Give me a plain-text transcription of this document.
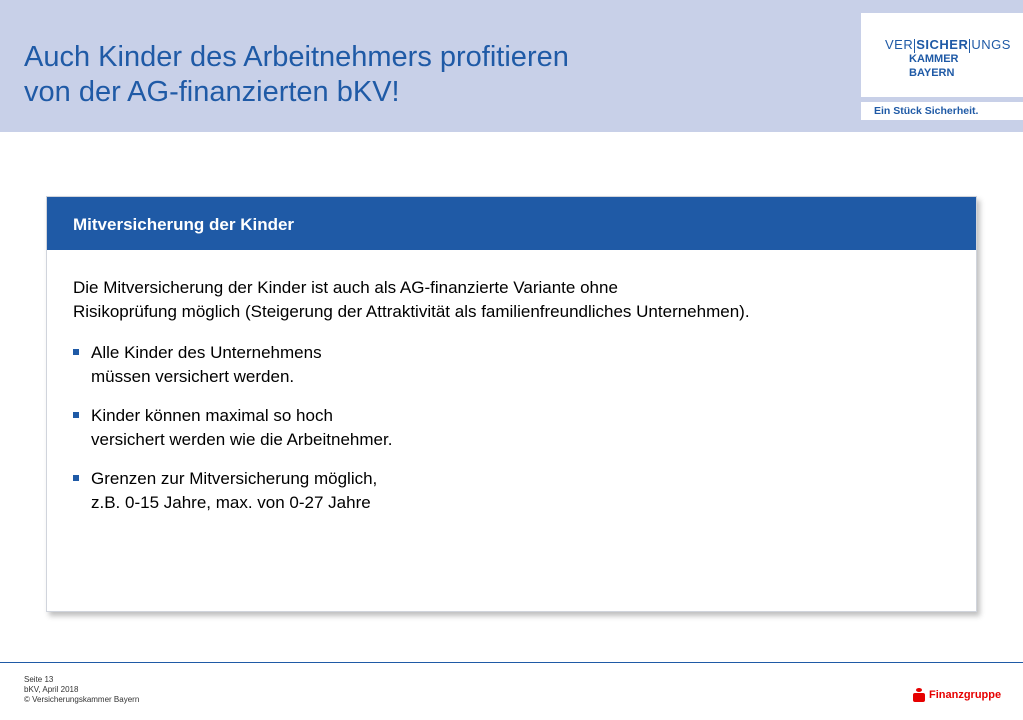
Auch Kinder des Arbeitnehmers profitieren
von der AG-finanzierten bKV!
VER SICHER UNGS
KAMMER
BAYERN
Ein Stück Sicherheit.
Mitversicherung der Kinder
Die Mitversicherung der Kinder ist auch als AG-finanzierte Variante ohne
Risikoprüfung möglich (Steigerung der Attraktivität als familienfreundliches Unternehmen).
Alle Kinder des Unternehmens
müssen versichert werden.
Kinder können maximal so hoch
versichert werden wie die Arbeitnehmer.
Grenzen zur Mitversicherung möglich,
z.B. 0-15 Jahre, max. von 0-27 Jahre
Seite 13
bKV, April 2018
© Versicherungskammer Bayern	Finanzgruppe
